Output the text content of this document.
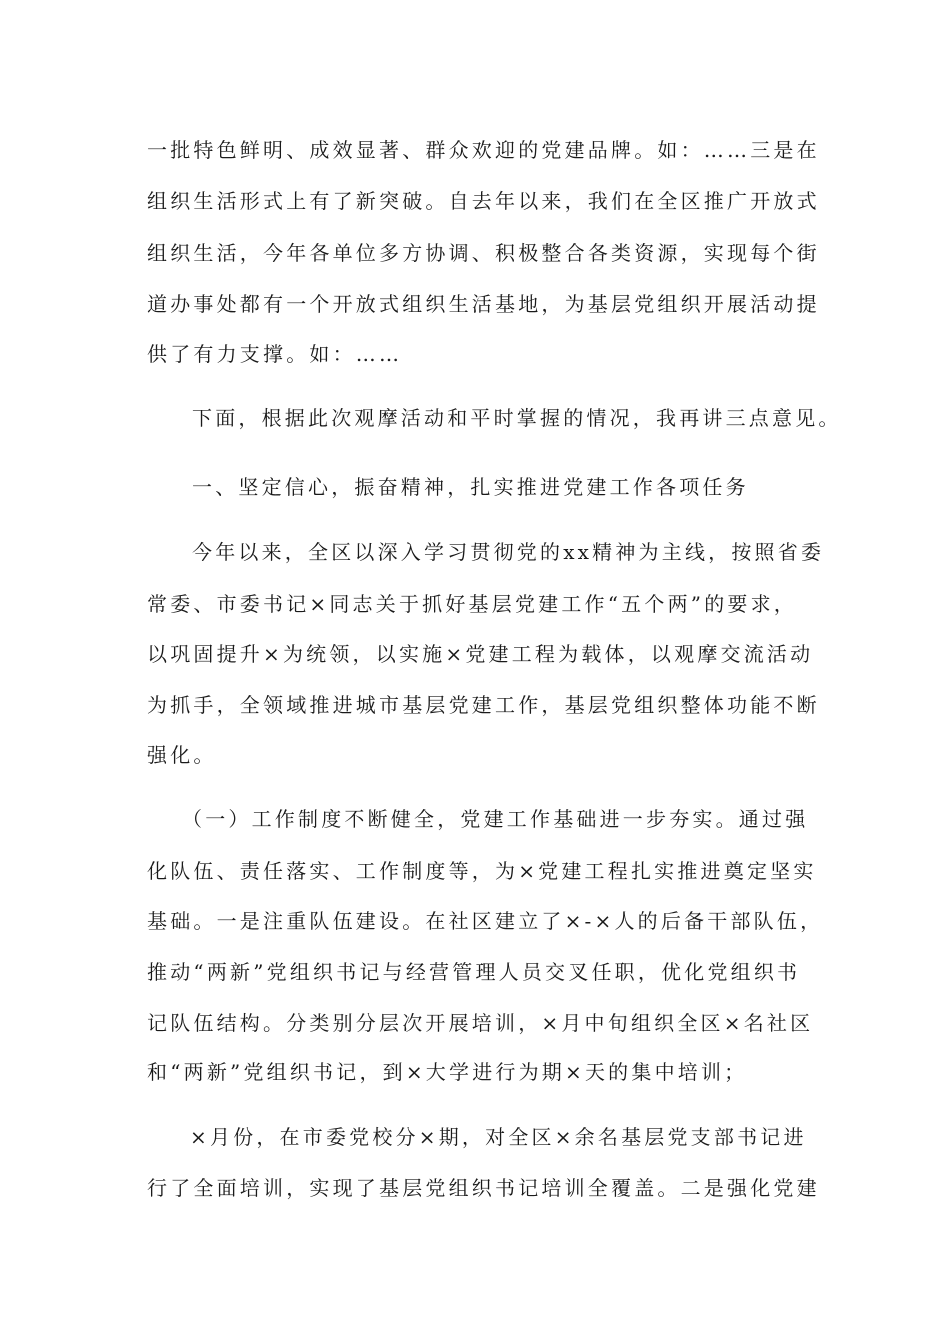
一批特色鲜明、成效显著、群众欢迎的党建品牌。如：……三是在
组织生活形式上有了新突破。自去年以来，我们在全区推广开放式
组织生活，今年各单位多方协调、积极整合各类资源，实现每个街
道办事处都有一个开放式组织生活基地，为基层党组织开展活动提
供了有力支撑。如：……
下面，根据此次观摩活动和平时掌握的情况，我再讲三点意见。
一、坚定信心，振奋精神，扎实推进党建工作各项任务
今年以来，全区以深入学习贯彻党的xx精神为主线，按照省委
常委、市委书记×同志关于抓好基层党建工作“五个两”的要求，
以巩固提升×为统领，以实施×党建工程为载体，以观摩交流活动
为抓手，全领域推进城市基层党建工作，基层党组织整体功能不断
强化。
（一）工作制度不断健全，党建工作基础进一步夯实。通过强
化队伍、责任落实、工作制度等，为×党建工程扎实推进奠定坚实
基础。一是注重队伍建设。在社区建立了×-×人的后备干部队伍，
推动“两新”党组织书记与经营管理人员交叉任职，优化党组织书
记队伍结构。分类别分层次开展培训，×月中旬组织全区×名社区
和“两新”党组织书记，到×大学进行为期×天的集中培训；
×月份，在市委党校分×期，对全区×余名基层党支部书记进
行了全面培训，实现了基层党组织书记培训全覆盖。二是强化党建
